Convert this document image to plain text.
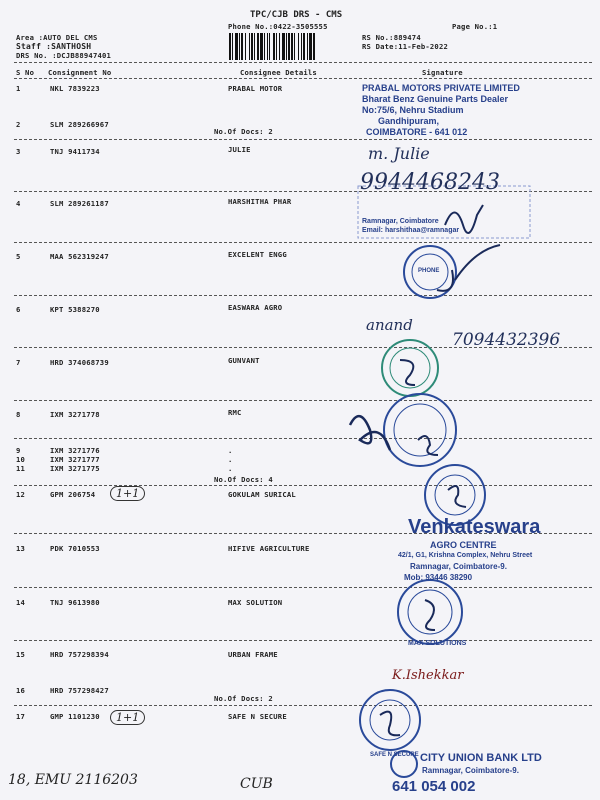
TPC/CJB DRS - CMS
Phone No.:0422-3505555	Page No.:1
Area :AUTO DEL CMS
Staff :SANTHOSH
DRS No. :DCJB88947401
RS No.:889474
RS Date:11-Feb-2022
S No Consignment No	Consignee Details	Signature
1	NKL 7839223	PRABAL MOTOR
2	SLM 289266967
No.Of Docs: 2
3	TNJ 9411734	JULIE
4	SLM 289261187	HARSHITHA PHAR
5	MAA 562319247	EXCELENT ENGG
6	KPT 5388270	EASWARA AGRO
7	HRD 374068739	GUNVANT
8	IXM 3271778	RMC
9	IXM 3271776	.
10	IXM 3271777	.
11	IXM 3271775	.
No.Of Docs: 4
12	GPM 206754	GOKULAM SURICAL
1+1
13	PDK 7010553	HIFIVE AGRICULTURE
14	TNJ 9613980	MAX SOLUTION
15	HRD 757298394	URBAN FRAME
16	HRD 757298427
No.Of Docs: 2
17	GMP 1101230	SAFE N SECURE
1+1
PRABAL MOTORS PRIVATE LIMITED
Bharat Benz Genuine Parts Dealer
No:75/6, Nehru Stadium
Gandhipuram,
COIMBATORE - 641 012
m. Julie
9944468243
Ramnagar, Coimbatore
Email: harshithaa@ramnagar
PHONE
anand
7094432396
Venkateswara
AGRO CENTRE
42/1, G1, Krishna Complex, Nehru Street
Ramnagar, Coimbatore-9.
Mob: 93446 38290
MAX SOLUTIONS
K.Ishekkar
SAFE N SECURE CITY UNION BANK LTD
Ramnagar, Coimbatore-9.
641 054 002
18, EMU 2116203	CUB
